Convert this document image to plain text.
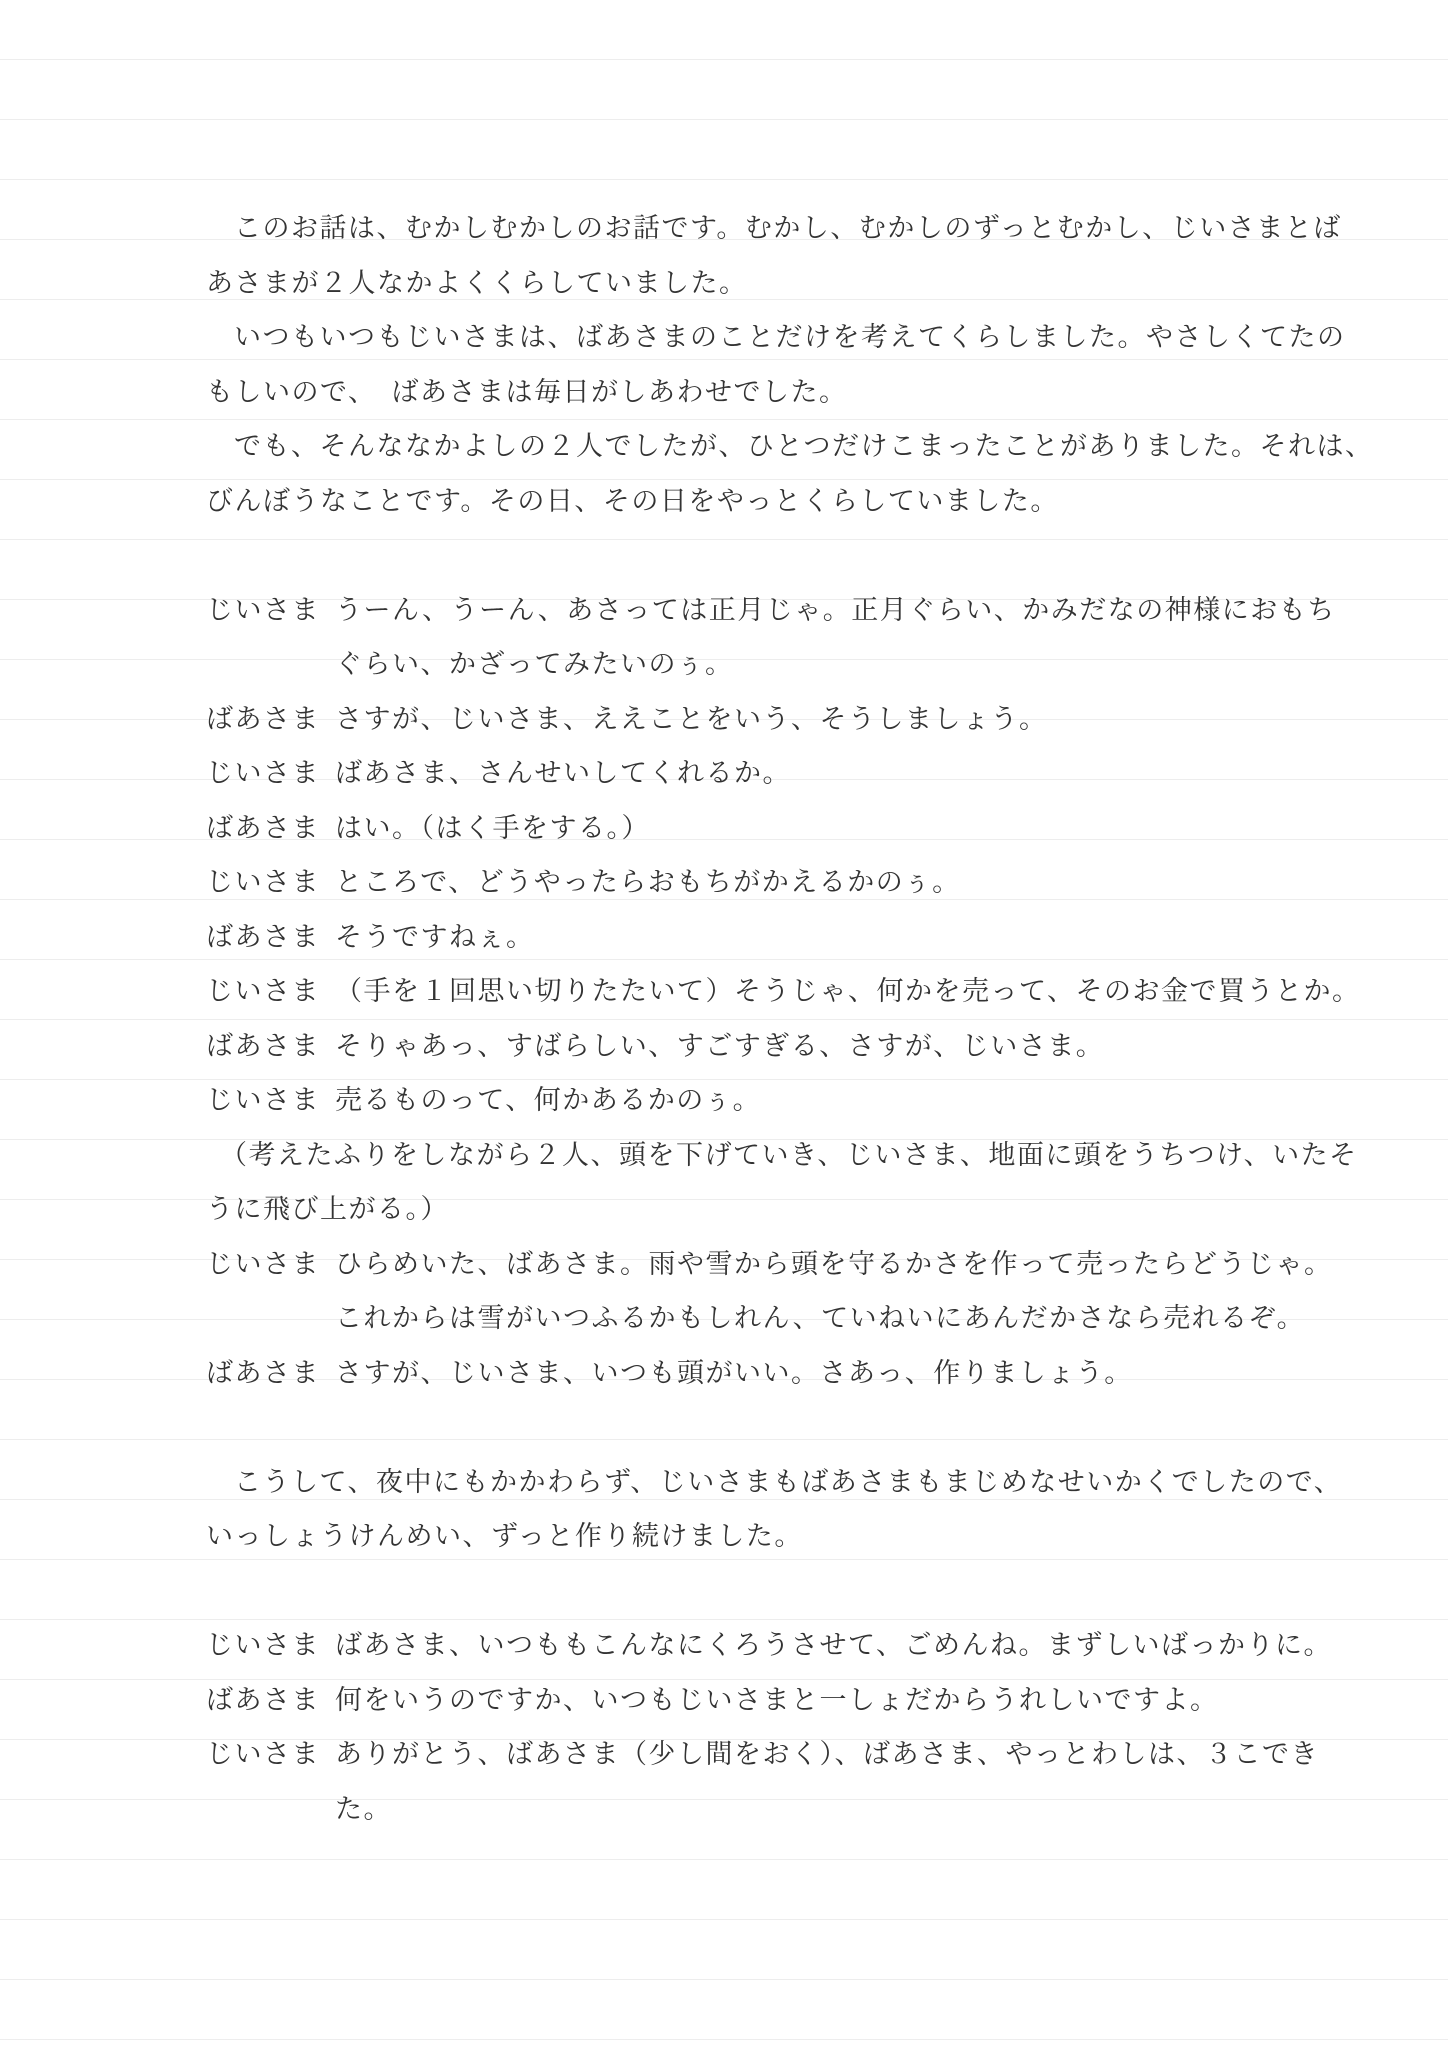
このお話は、むかしむかしのお話です。むかし、むかしのずっとむかし、じいさまとば
あさまが２人なかよくくらしていました。
いつもいつもじいさまは、ばあさまのことだけを考えてくらしました。やさしくてたの
もしいので、　ばあさまは毎日がしあわせでした。
でも、そんななかよしの２人でしたが、ひとつだけこまったことがありました。それは、
びんぼうなことです。その日、その日をやっとくらしていました。
じいさま うーん、うーん、あさっては正月じゃ。正月ぐらい、かみだなの神様におもち
ぐらい、かざってみたいのぅ。
ばあさま さすが、じいさま、ええことをいう、そうしましょう。
じいさま ばあさま、さんせいしてくれるか。
ばあさま はい。（はく手をする。）
じいさま ところで、どうやったらおもちがかえるかのぅ。
ばあさま そうですねぇ。
じいさま （手を１回思い切りたたいて）そうじゃ、何かを売って、そのお金で買うとか。
ばあさま そりゃあっ、すばらしい、すごすぎる、さすが、じいさま。
じいさま 売るものって、何かあるかのぅ。
（考えたふりをしながら２人、頭を下げていき、じいさま、地面に頭をうちつけ、いたそ
うに飛び上がる。）
じいさま ひらめいた、ばあさま。雨や雪から頭を守るかさを作って売ったらどうじゃ。
これからは雪がいつふるかもしれん、ていねいにあんだかさなら売れるぞ。
ばあさま さすが、じいさま、いつも頭がいい。さあっ、作りましょう。
こうして、夜中にもかかわらず、じいさまもばあさまもまじめなせいかくでしたので、
いっしょうけんめい、ずっと作り続けました。
じいさま ばあさま、いつももこんなにくろうさせて、ごめんね。まずしいばっかりに。
ばあさま 何をいうのですか、いつもじいさまと一しょだからうれしいですよ。
じいさま ありがとう、ばあさま（少し間をおく）、ばあさま、やっとわしは、３こでき
た。
